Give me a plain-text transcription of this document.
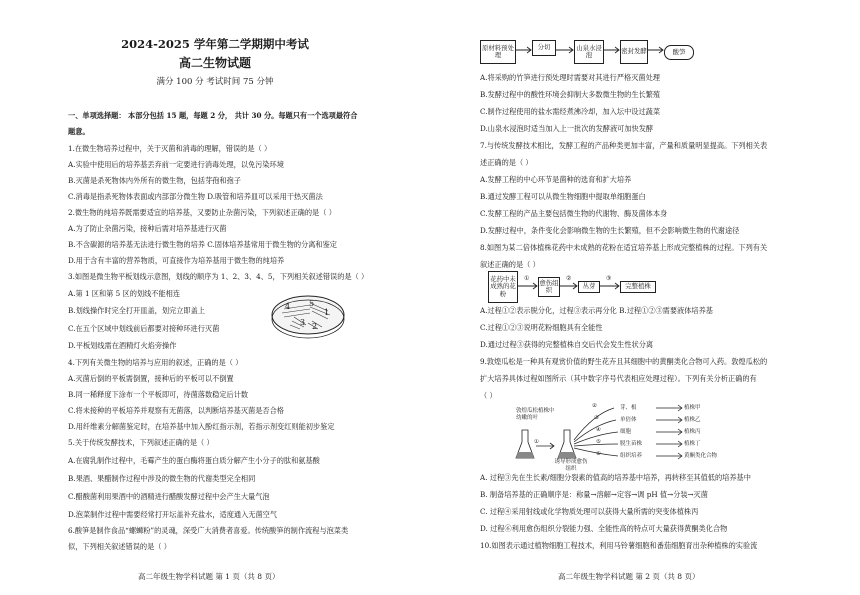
2024-2025 学年第二学期期中考试
高二生物试题
满分 100 分 考试时间 75 分钟
一、单项选择题： 本部分包括 15 题，每题 2 分， 共计 30 分。每题只有一个选项最符合
题意。
1.在微生物培养过程中，关于灭菌和消毒的理解，错误的是（ ）
A.实验中使用后的培养基丢弃前一定要进行消毒处理，以免污染环境
B.灭菌是杀死物体内外所有的微生物，包括芽孢和孢子
C.消毒是指杀死物体表面或内部部分微生物 D.吸管和培养皿可以采用干热灭菌法
2.微生物的纯培养既需要适宜的培养基，又要防止杂菌污染，下列叙述正确的是（ ）
A.为了防止杂菌污染，接种后需对培养基进行灭菌
B.不含碳源的培养基无法进行微生物的培养 C.固体培养基常用于微生物的分离和鉴定
D.用于含有丰富的营养物质，可直接作为培养基用于微生物的纯培养
3.如图是微生物平板划线示意图，划线的顺序为 1、2、3、4、5，下列相关叙述错误的是（ ）
A.第 1 区和第 5 区的划线不能相连
B.划线操作时完全打开皿盖，划完立即盖上
C.在五个区域中划线前后都要对接种环进行灭菌
D.平板划线需在酒精灯火焰旁操作
4.下列有关微生物的培养与应用的叙述，正确的是（ ）
A.灭菌后倒的平板需倒置，接种后的平板可以不倒置
B.同一稀释度下涂布一个平板即可，待菌落数稳定后计数
C.将未接种的平板培养并观察有无菌落，以判断培养基灭菌是否合格
D.用纤维素分解菌鉴定时，在培养基中加入酚红指示剂，若指示剂变红则能初步鉴定
5.关于传统发酵技术，下列叙述正确的是（ ）
A.在腐乳制作过程中，毛霉产生的蛋白酶将蛋白质分解产生小分子的肽和氨基酸
B.果酒、果醋制作过程中涉及的微生物的代谢类型完全相同
C.醋酸菌利用果酒中的酒精进行醋酸发酵过程中会产生大量气泡
D.泡菜制作过程中需要经常打开坛盖补充盐水，适度通入无菌空气
6.酸笋是制作食品“螺蛳粉”的灵魂，深受广大消费者喜爱。传统酸笋的制作流程与泡菜类
似，下列相关叙述错误的是（ ）
4 5
1
3 2
高二年级生物学科试题 第 1 页（共 8 页）
原材料预处理
分切	山泉水浸泡	密封发酵	酸笋
A.将采购的竹笋进行预处理时需要对其进行严格灭菌处理
B.发酵过程中的酸性环境会抑制大多数微生物的生长繁殖
C.制作过程使用的盐水需经煮沸冷却，加入坛中设过蔬菜
D.山泉水浸泡时适当加入上一批次的发酵液可加快发酵
7.与传统发酵技术相比，发酵工程的产品种类更加丰富，产量和质量明显提高。下列相关表
述正确的是（ ）
A.发酵工程的中心环节是菌种的选育和扩大培养
B.通过发酵工程可以从微生物细胞中提取单细胞蛋白
C.发酵工程的产品主要包括微生物的代谢物、酶及菌体本身
D.发酵过程中，条件变化会影响微生物的生长繁殖，但不会影响微生物的代谢途径
8.如图为某二倍体植株花药中未成熟的花粉在适宜培养基上形成完整植株的过程。下列有关
叙述正确的是（ ）
花药中未成熟的花粉
愈伤组织	丛芽	完整植株
①	②	③
A.过程①②表示脱分化，过程③表示再分化 B.过程①②③需要液体培养基
C.过程①②③说明花粉细胞具有全能性
D.通过过程③获得的完整植株自交后代会发生性状分离
9.敦煌瓜松是一种具有观赏价值的野生花卉且其细胞中的黄酮类化合物可入药。敦煌瓜松的
扩大培养具体过程如图所示（其中数字序号代表相应处理过程）。下列有关分析正确的有
（ ）
敦煌瓜松植株中幼嫩的叶
诱导形成愈伤组织
芽、根
单倍体
细胞
脱生苗株
组织培养
植株甲
植株乙
植株丙
植株丁
黄酮类化合物
①
②
③
④
⑤
⑥
A. 过程③先在生长素/细胞分裂素的值高的培养基中培养，再转移至其值低的培养基中
B. 制备培养基的正确顺序是：称量→溶解→定容→调 pH 值→分装→灭菌
C. 过程④采用射线或化学物质处理可以获得大量所需的突变体植株丙
D. 过程⑥利用愈伤组织分裂能力强、全能性高的特点可大量获得黄酮类化合物
10.如图表示通过植物细胞工程技术，利用马铃薯细胞和番茄细胞育出杂种植株的实验流
高二年级生物学科试题 第 2 页（共 8 页）
